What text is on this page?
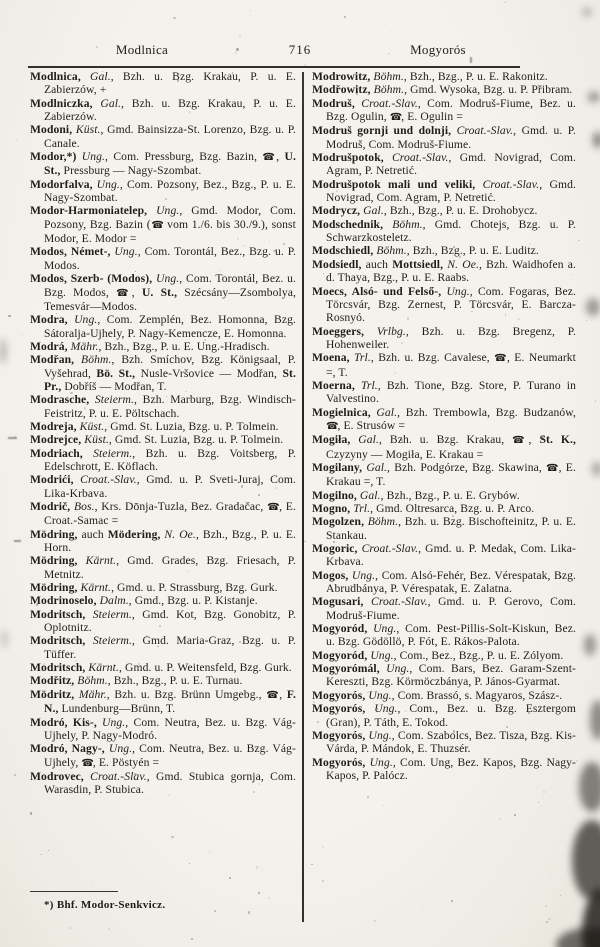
Modlnica	716	Mogyorós

Modlnica, Gal., Bzh. u. Bzg. Krakau, P. u. E. Zabierzów, +

Modlniczka, Gal., Bzh. u. Bzg. Krakau, P. u. E. Zabierzów.

Modoni, Küst., Gmd. Bainsizza-St. Lorenzo, Bzg. u. P. Canale.

Modor,*) Ung., Com. Pressburg, Bzg. Bazin, ☎, U. St., Pressburg — Nagy-Szombat.

Modorfalva, Ung., Com. Pozsony, Bez., Bzg., P. u. E. Nagy-Szombat.

Modor-Harmoniatelep, Ung., Gmd. Modor, Com. Pozsony, Bzg. Bazin (☎ vom 1./6. bis 30./9.), sonst Modor, E. Modor =

Modos, Német-, Ung., Com. Torontál, Bez., Bzg. u. P. Modos.

Modos, Szerb- (Modos), Ung., Com. Torontál, Bez. u. Bzg. Modos, ☎, U. St., Szécsány—Zsombolya, Temesvár—Modos.

Modra, Ung., Com. Zemplén, Bez. Homonna, Bzg. Sátoralja-Ujhely, P. Nagy-Kemencze, E. Homonna.

Modrá, Mähr., Bzh., Bzg., P. u. E. Ung.-Hradisch.

Modřan, Böhm., Bzh. Smíchov, Bzg. Königsaal, P. Vyšehrad, Bö. St., Nusle-Vršovice — Modřan, St. Pr., Dobříš — Modřan, T.

Modrasche, Steierm., Bzh. Marburg, Bzg. Windisch-Feistritz, P. u. E. Pöltschach.

Modreja, Küst., Gmd. St. Luzia, Bzg. u. P. Tolmein.

Modrejce, Küst., Gmd. St. Luzia, Bzg. u. P. Tolmein.

Modriach, Steierm., Bzh. u. Bzg. Voitsberg, P. Edelschrott, E. Köflach.

Modrići, Croat.-Slav., Gmd. u. P. Sveti-Juraj, Com. Lika-Krbava.

Modrič, Bos., Krs. Dōnja-Tuzla, Bez. Gradačac, ☎, E. Croat.-Samac =

Mödring, auch Mödering, N. Oe., Bzh., Bzg., P. u. E. Horn.

Mödring, Kärnt., Gmd. Grades, Bzg. Friesach, P. Metnitz.

Mödring, Kärnt., Gmd. u. P. Strassburg, Bzg. Gurk.

Modrinoselo, Dalm., Gmd., Bzg. u. P. Kistanje.

Modritsch, Steierm., Gmd. Kot, Bzg. Gonobitz, P. Oplotnitz.

Modritsch, Steierm., Gmd. Maria-Graz, Bzg. u. P. Tüffer.

Modritsch, Kärnt., Gmd. u. P. Weitensfeld, Bzg. Gurk.

Modřitz, Böhm., Bzh., Bzg., P. u. E. Turnau.

Mödritz, Mähr., Bzh. u. Bzg. Brünn Umgebg., ☎, F. N., Lundenburg—Brünn, T.

Modró, Kis-, Ung., Com. Neutra, Bez. u. Bzg. Vág-Ujhely, P. Nagy-Modró.

Modró, Nagy-, Ung., Com. Neutra, Bez. u. Bzg. Vág-Ujhely, ☎, E. Pöstyén =

Modrovec, Croat.-Slav., Gmd. Stubica gornja, Com. Warasdin, P. Stubica.

Modrowitz, Böhm., Bzh., Bzg., P. u. E. Rakonitz.

Modřowitz, Böhm., Gmd. Wysoka, Bzg. u. P. Přibram.

Modruš, Croat.-Slav., Com. Modruš-Fiume, Bez. u. Bzg. Ogulin, ☎, E. Ogulin =

Modruš gornji und dolnji, Croat.-Slav., Gmd. u. P. Modruš, Com. Modruš-Fiume.

Modrušpotok, Croat.-Slav., Gmd. Novigrad, Com. Agram, P. Netretić.

Modrušpotok mali und veliki, Croat.-Slav., Gmd. Novigrad, Com. Agram, P. Netretić.

Modrycz, Gal., Bzh., Bzg., P. u. E. Drohobycz.

Modschednik, Böhm., Gmd. Chotejs, Bzg. u. P. Schwarzkosteletz.

Modschiedl, Böhm., Bzh., Bzg., P. u. E. Luditz.

Modsiedl, auch Mottsiedl, N. Oe., Bzh. Waidhofen a. d. Thaya, Bzg., P. u. E. Raabs.

Moecs, Alsó- und Felső-, Ung., Com. Fogaras, Bez. Törcsvár, Bzg. Zernest, P. Törcsvár, E. Barcza-Rosnyó.

Moeggers, Vrlbg., Bzh. u. Bzg. Bregenz, P. Hohenweiler.

Moena, Trl., Bzh. u. Bzg. Cavalese, ☎, E. Neumarkt =, T.

Moerna, Trl., Bzh. Tione, Bzg. Store, P. Turano in Valvestino.

Mogielnica, Gal., Bzh. Trembowla, Bzg. Budzanów, ☎, E. Strusów =

Mogiła, Gal., Bzh. u. Bzg. Krakau, ☎, St. K., Czyzyny — Mogiła, E. Krakau =

Mogilany, Gal., Bzh. Podgórze, Bzg. Skawina, ☎, E. Krakau =, T.

Mogilno, Gal., Bzh., Bzg., P. u. E. Grybów.

Mogno, Trl., Gmd. Oltresarca, Bzg. u. P. Arco.

Mogolzen, Böhm., Bzh. u. Bzg. Bischofteinitz, P. u. E. Stankau.

Mogoric, Croat.-Slav., Gmd. u. P. Medak, Com. Lika-Krbava.

Mogos, Ung., Com. Alsó-Fehér, Bez. Vérespatak, Bzg. Abrudbánya, P. Vérespatak, E. Zalatna.

Mogusari, Croat.-Slav., Gmd. u. P. Gerovo, Com. Modruš-Fiume.

Mogyoród, Ung., Com. Pest-Pillis-Solt-Kiskun, Bez. u. Bzg. Gödöllö, P. Fót, E. Rákos-Palota.

Mogyoród, Ung., Com., Bez., Bzg., P. u. E. Zólyom.

Mogyorómál, Ung., Com. Bars, Bez. Garam-Szent-Kereszti, Bzg. Körmöczbánya, P. János-Gyarmat.

Mogyorós, Ung., Com. Brassó, s. Magyaros, Szász-.

Mogyorós, Ung., Com., Bez. u. Bzg. Esztergom (Gran), P. Táth, E. Tokod.

Mogyorós, Ung., Com. Szabolcs, Bez. Tisza, Bzg. Kis-Várda, P. Mándok, E. Thuzsér.

Mogyorós, Ung., Com. Ung, Bez. Kapos, Bzg. Nagy-Kapos, P. Palócz.

*) Bhf. Modor-Senkvicz.
